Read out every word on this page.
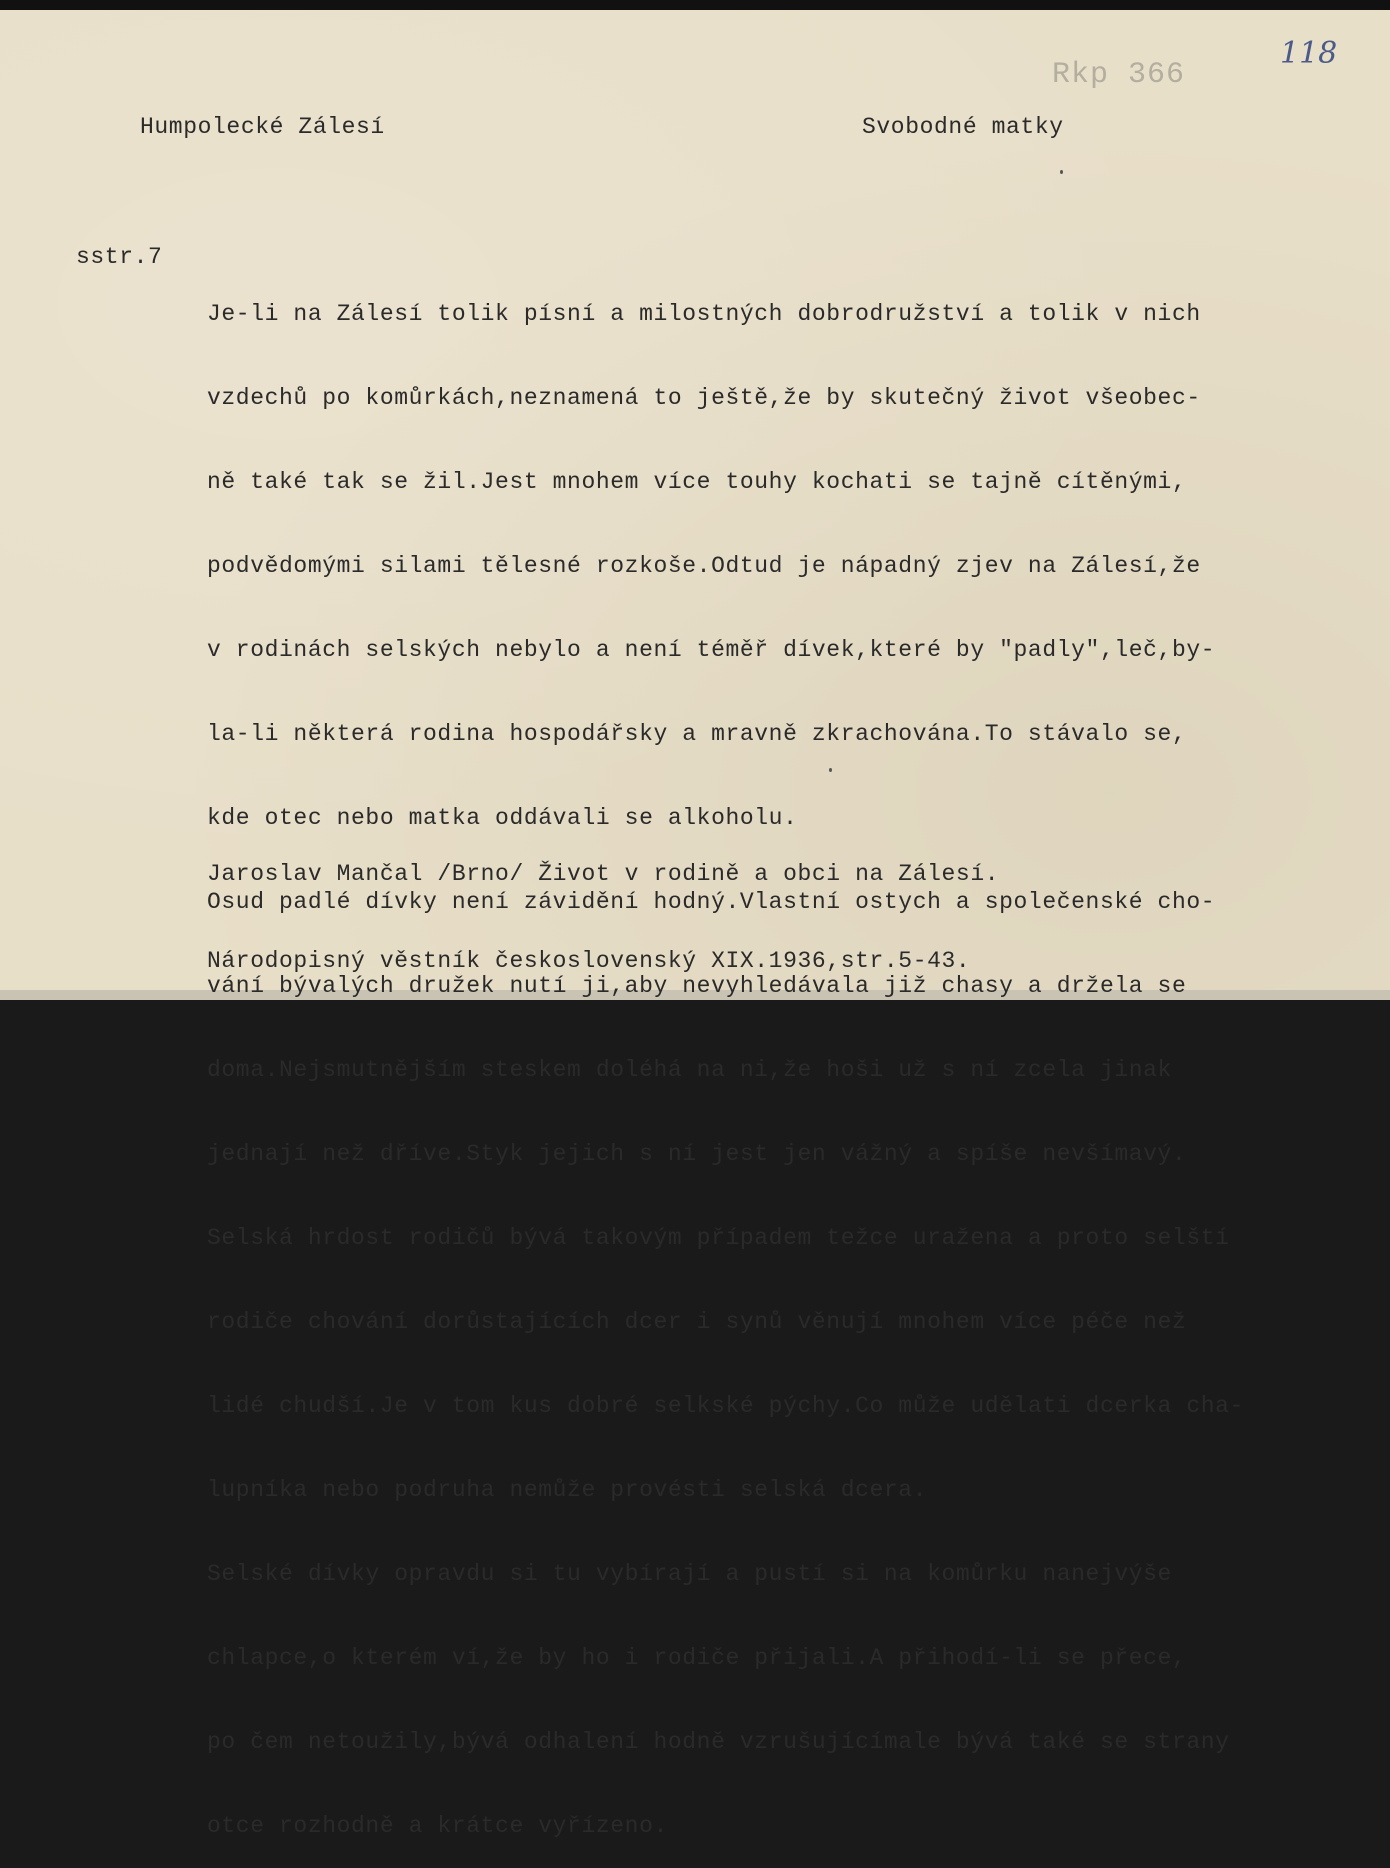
Rkp 366
118
Humpolecké Zálesí	Svobodné matky
sstr.7

Je-li na Zálesí tolik písní a milostných dobrodružství a tolik v nich

vzdechů po komůrkách,neznamená to ještě,že by skutečný život všeobec-

ně také tak se žil.Jest mnohem více touhy kochati se tajně cítěnými,

podvědomými silami tělesné rozkoše.Odtud je nápadný zjev na Zálesí,že

v rodinách selských nebylo a není téměř dívek,které by "padly",leč,by-

la-li některá rodina hospodářsky a mravně zkrachována.To stávalo se,

kde otec nebo matka oddávali se alkoholu.

Osud padlé dívky není závidění hodný.Vlastní ostych a společenské cho-

vání bývalých družek nutí ji,aby nevyhledávala již chasy a držela se

doma.Nejsmutnějším steskem doléhá na ni,že hoši už s ní zcela jinak

jednají než dříve.Styk jejich s ní jest jen vážný a spíše nevšímavý.

Selská hrdost rodičů bývá takovým případem težce uražena a proto selští

rodiče chování dorůstajících dcer i synů věnují mnohem více péče než

lidé chudší.Je v tom kus dobré selkské pýchy.Co může udělati dcerka cha-

lupníka nebo podruha nemůže provésti selská dcera.

Selské dívky opravdu si tu vybírají a pustí si na komůrku nanejvýše

chlapce,o kterém ví,že by ho i rodiče přijali.A přihodí-li se přece,

po čem netoužily,bývá odhalení hodně vzrušujícímale bývá také se strany

otce rozhodně a krátce vyřízeno.

Jaroslav Mančal /Brno/ Život v rodině a obci na Zálesí.

Národopisný věstník československý XIX.1936,str.5-43.
